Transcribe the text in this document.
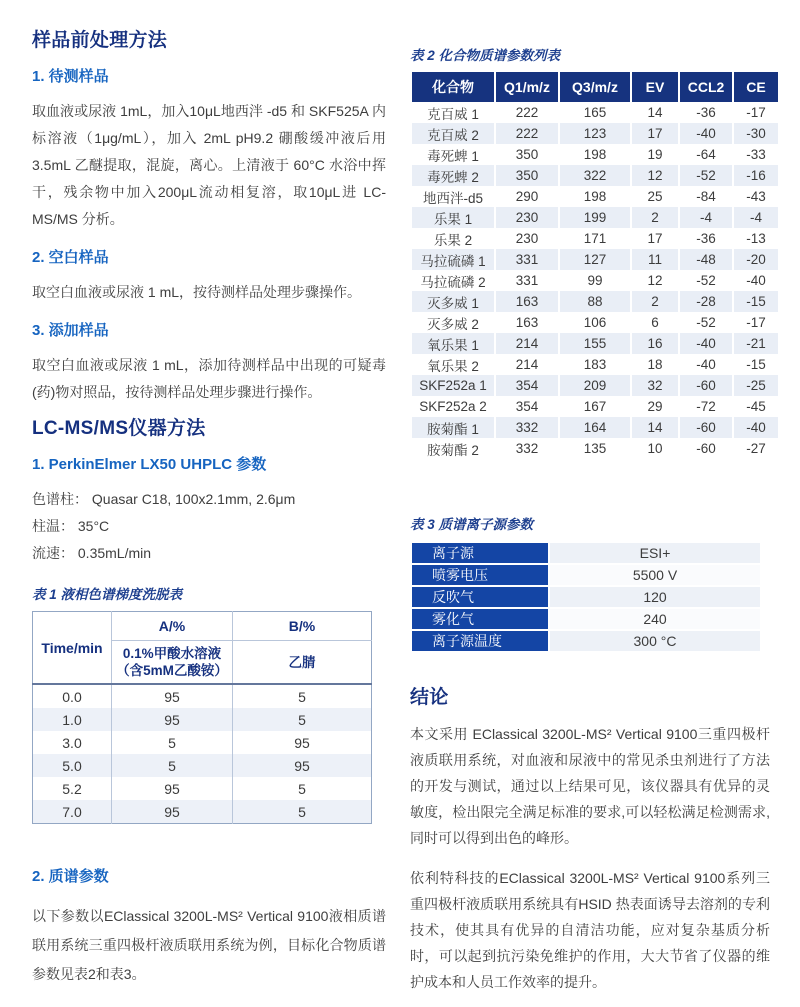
样品前处理方法
1. 待测样品

取血液或尿液 1mL，加入10μL地西泮 -d5 和 SKF525A 内标溶液（1μg/mL），加入 2mL pH9.2 硼酸缓冲液后用 3.5mL 乙醚提取，混旋，离心。上清液于 60°C 水浴中挥干，残余物中加入200μL流动相复溶，取10μL进 LC-MS/MS 分析。

2. 空白样品

取空白血液或尿液 1 mL，按待测样品处理步骤操作。

3. 添加样品

取空白血液或尿液 1 mL，添加待测样品中出现的可疑毒(药)物对照品，按待测样品处理步骤进行操作。

LC-MS/MS仪器方法
1. PerkinElmer LX50 UHPLC 参数
色谱柱： Quasar C18, 100x2.1mm, 2.6μm
柱温： 35°C
流速： 0.35mL/min
表 1 液相色谱梯度洗脱表
Time/min	A/%	B/%

	0.1%甲酸水溶液
（含5mM乙酸铵）	乙腈
0.0	95	5
1.0	95	5
3.0	5	95
5.0	5	95
5.2	95	5
7.0	95	5
2. 质谱参数

以下参数以EClassical 3200L-MS² Vertical 9100液相质谱联用系统三重四极杆液质联用系统为例，目标化合物质谱参数见表2和表3。

表 2 化合物质谱参数列表
化合物	Q1/m/z	Q3/m/z	EV	CCL2	CE
克百威 1	222	165	14	-36	-17
克百威 2	222	123	17	-40	-30
毒死蜱 1	350	198	19	-64	-33
毒死蜱 2	350	322	12	-52	-16
地西泮-d5	290	198	25	-84	-43
乐果 1	230	199	2	-4	-4
乐果 2	230	171	17	-36	-13
马拉硫磷 1	331	127	11	-48	-20
马拉硫磷 2	331	99	12	-52	-40
灭多威 1	163	88	2	-28	-15
灭多威 2	163	106	6	-52	-17
氧乐果 1	214	155	16	-40	-21
氧乐果 2	214	183	18	-40	-15
SKF252a 1	354	209	32	-60	-25
SKF252a 2	354	167	29	-72	-45
胺菊酯 1	332	164	14	-60	-40
胺菊酯 2	332	135	10	-60	-27
表 3 质谱离子源参数
离子源	ESI+
喷雾电压	5500 V
反吹气	120
雾化气	240
离子源温度	300 °C
结论

本文采用 EClassical 3200L-MS² Vertical 9100三重四极杆液质联用系统，对血液和尿液中的常见杀虫剂进行了方法的开发与测试，通过以上结果可见，该仪器具有优异的灵敏度，检出限完全满足标准的要求,可以轻松满足检测需求,同时可以得到出色的峰形。

依利特科技的EClassical 3200L-MS² Vertical 9100系列三重四极杆液质联用系统具有HSID 热表面诱导去溶剂的专利技术，使其具有优异的自清洁功能，应对复杂基质分析时，可以起到抗污染免维护的作用，大大节省了仪器的维护成本和人员工作效率的提升。
